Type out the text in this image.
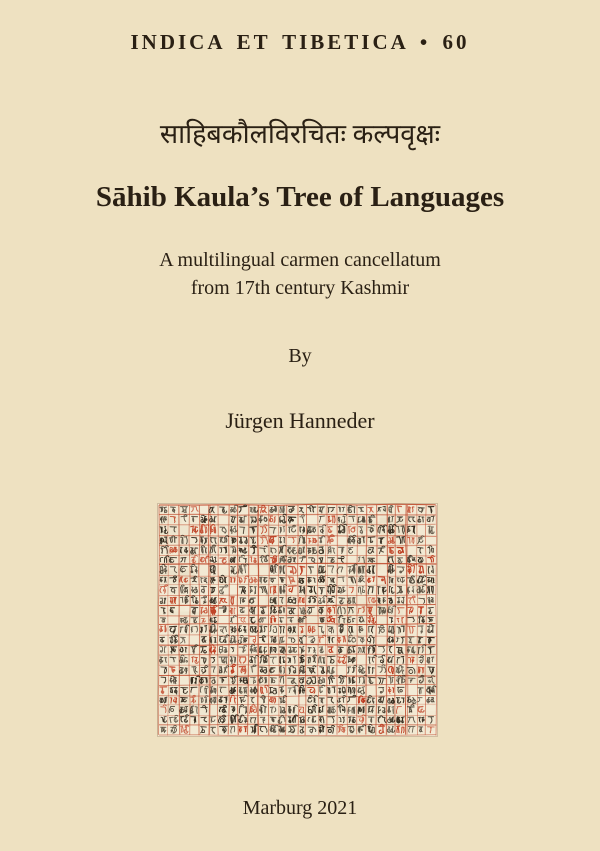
INDICA ET TIBETICA • 60
साहिबकौलविरचितः कल्पवृक्षः
Sāhib Kaula’s Tree of Languages
A multilingual carmen cancellatum
from 17th century Kashmir
By
Jürgen Hanneder
Marburg 2021
